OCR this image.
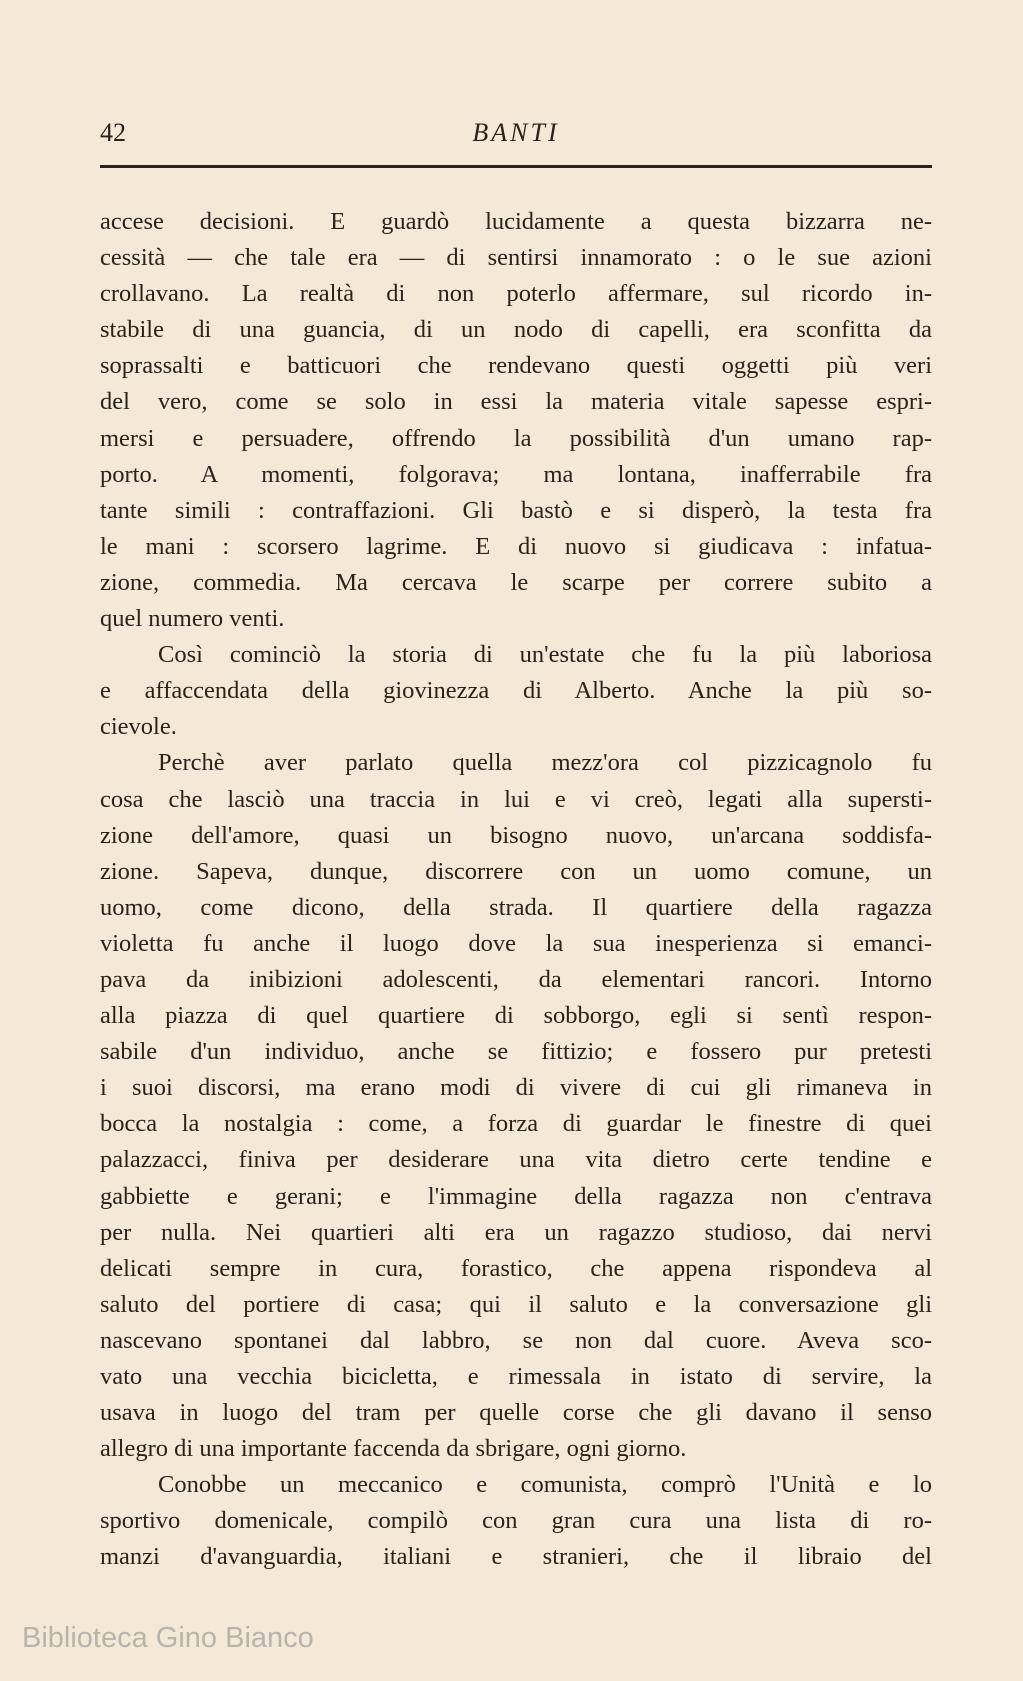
42	BANTI
accese decisioni. E guardò lucidamente a questa bizzarra ne-
cessità — che tale era — di sentirsi innamorato : o le sue azioni
crollavano. La realtà di non poterlo affermare, sul ricordo in-
stabile di una guancia, di un nodo di capelli, era sconfitta da
soprassalti e batticuori che rendevano questi oggetti più veri
del vero, come se solo in essi la materia vitale sapesse espri-
mersi e persuadere, offrendo la possibilità d'un umano rap-
porto. A momenti, folgorava; ma lontana, inafferrabile fra
tante simili : contraffazioni. Gli bastò e si disperò, la testa fra
le mani : scorsero lagrime. E di nuovo si giudicava : infatua-
zione, commedia. Ma cercava le scarpe per correre subito a
quel numero venti.
Così cominciò la storia di un'estate che fu la più laboriosa
e affaccendata della giovinezza di Alberto. Anche la più so-
cievole.
Perchè aver parlato quella mezz'ora col pizzicagnolo fu
cosa che lasciò una traccia in lui e vi creò, legati alla supersti-
zione dell'amore, quasi un bisogno nuovo, un'arcana soddisfa-
zione. Sapeva, dunque, discorrere con un uomo comune, un
uomo, come dicono, della strada. Il quartiere della ragazza
violetta fu anche il luogo dove la sua inesperienza si emanci-
pava da inibizioni adolescenti, da elementari rancori. Intorno
alla piazza di quel quartiere di sobborgo, egli si sentì respon-
sabile d'un individuo, anche se fittizio; e fossero pur pretesti
i suoi discorsi, ma erano modi di vivere di cui gli rimaneva in
bocca la nostalgia : come, a forza di guardar le finestre di quei
palazzacci, finiva per desiderare una vita dietro certe tendine e
gabbiette e gerani; e l'immagine della ragazza non c'entrava
per nulla. Nei quartieri alti era un ragazzo studioso, dai nervi
delicati sempre in cura, forastico, che appena rispondeva al
saluto del portiere di casa; qui il saluto e la conversazione gli
nascevano spontanei dal labbro, se non dal cuore. Aveva sco-
vato una vecchia bicicletta, e rimessala in istato di servire, la
usava in luogo del tram per quelle corse che gli davano il senso
allegro di una importante faccenda da sbrigare, ogni giorno.
Conobbe un meccanico e comunista, comprò l'Unità e lo
sportivo domenicale, compilò con gran cura una lista di ro-
manzi d'avanguardia, italiani e stranieri, che il libraio del
Biblioteca Gino Bianco
